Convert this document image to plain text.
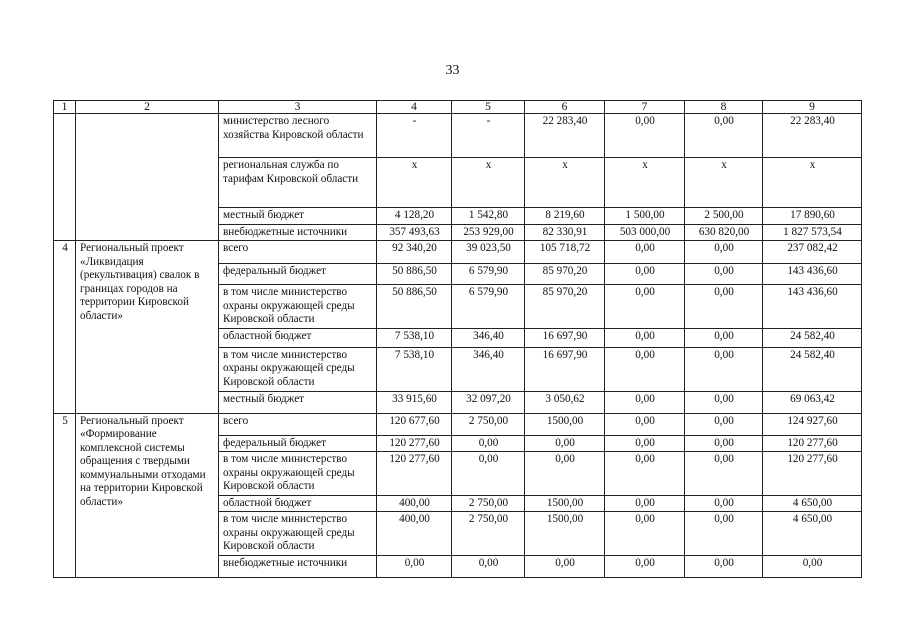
33
1	2	3	4	5	6	7	8	9
		министерство лесного хозяйства Кировской области	-	-	22 283,40	0,00	0,00	22 283,40
		региональная служба по тарифам Кировской области	х	х	х	х	х	х
		местный бюджет	4 128,20	1 542,80	8 219,60	1 500,00	2 500,00	17 890,60
		внебюджетные источники	357 493,63	253 929,00	82 330,91	503 000,00	630 820,00	1 827 573,54
4	Региональный проект «Ликвидация (рекультивация) свалок в границах городов на территории Кировской области»	всего	92 340,20	39 023,50	105 718,72	0,00	0,00	237 082,42
		федеральный бюджет	50 886,50	6 579,90	85 970,20	0,00	0,00	143 436,60
		в том числе министерство охраны окружающей среды Кировской области	50 886,50	6 579,90	85 970,20	0,00	0,00	143 436,60
		областной бюджет	7 538,10	346,40	16 697,90	0,00	0,00	24 582,40
		в том числе министерство охраны окружающей среды Кировской области	7 538,10	346,40	16 697,90	0,00	0,00	24 582,40
		местный бюджет	33 915,60	32 097,20	3 050,62	0,00	0,00	69 063,42
5	Региональный проект «Формирование комплексной системы обращения с твердыми коммунальными отходами на территории Кировской области»	всего	120 677,60	2 750,00	1500,00	0,00	0,00	124 927,60
		федеральный бюджет	120 277,60	0,00	0,00	0,00	0,00	120 277,60
		в том числе министерство охраны окружающей среды Кировской области	120 277,60	0,00	0,00	0,00	0,00	120 277,60
		областной бюджет	400,00	2 750,00	1500,00	0,00	0,00	4 650,00
		в том числе министерство охраны окружающей среды Кировской области	400,00	2 750,00	1500,00	0,00	0,00	4 650,00
		внебюджетные источники	0,00	0,00	0,00	0,00	0,00	0,00
